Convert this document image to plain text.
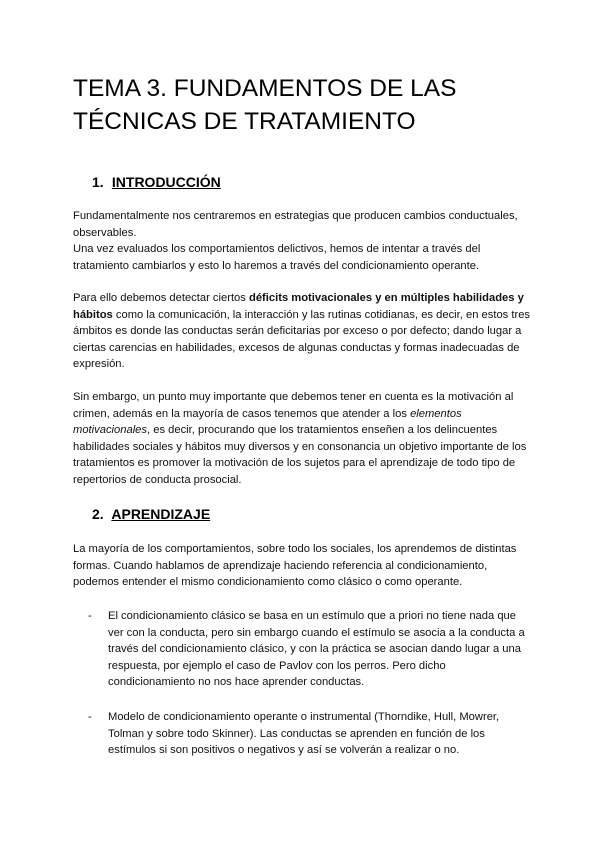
TEMA 3. FUNDAMENTOS DE LAS
TÉCNICAS DE TRATAMIENTO
1. INTRODUCCIÓN

Fundamentalmente nos centraremos en estrategias que producen cambios conductuales,
observables.
Una vez evaluados los comportamientos delictivos, hemos de intentar a través del
tratamiento cambiarlos y esto lo haremos a través del condicionamiento operante.

Para ello debemos detectar ciertos déficits motivacionales y en múltiples habilidades y
hábitos como la comunicación, la interacción y las rutinas cotidianas, es decir, en estos tres
ámbitos es donde las conductas serán deficitarias por exceso o por defecto; dando lugar a
ciertas carencias en habilidades, excesos de algunas conductas y formas inadecuadas de
expresión.

Sin embargo, un punto muy importante que debemos tener en cuenta es la motivación al
crimen, además en la mayoría de casos tenemos que atender a los elementos
motivacionales, es decir, procurando que los tratamientos enseñen a los delincuentes
habilidades sociales y hábitos muy diversos y en consonancia un objetivo importante de los
tratamientos es promover la motivación de los sujetos para el aprendizaje de todo tipo de
repertorios de conducta prosocial.

2. APRENDIZAJE

La mayoría de los comportamientos, sobre todo los sociales, los aprendemos de distintas
formas. Cuando hablamos de aprendizaje haciendo referencia al condicionamiento,
podemos entender el mismo condicionamiento como clásico o como operante.

- El condicionamiento clásico se basa en un estímulo que a priori no tiene nada que
ver con la conducta, pero sin embargo cuando el estímulo se asocia a la conducta a
través del condicionamiento clásico, y con la práctica se asocian dando lugar a una
respuesta, por ejemplo el caso de Pavlov con los perros. Pero dicho
condicionamiento no nos hace aprender conductas.
- Modelo de condicionamiento operante o instrumental (Thorndike, Hull, Mowrer,
Tolman y sobre todo Skinner). Las conductas se aprenden en función de los
estímulos si son positivos o negativos y así se volverán a realizar o no.
